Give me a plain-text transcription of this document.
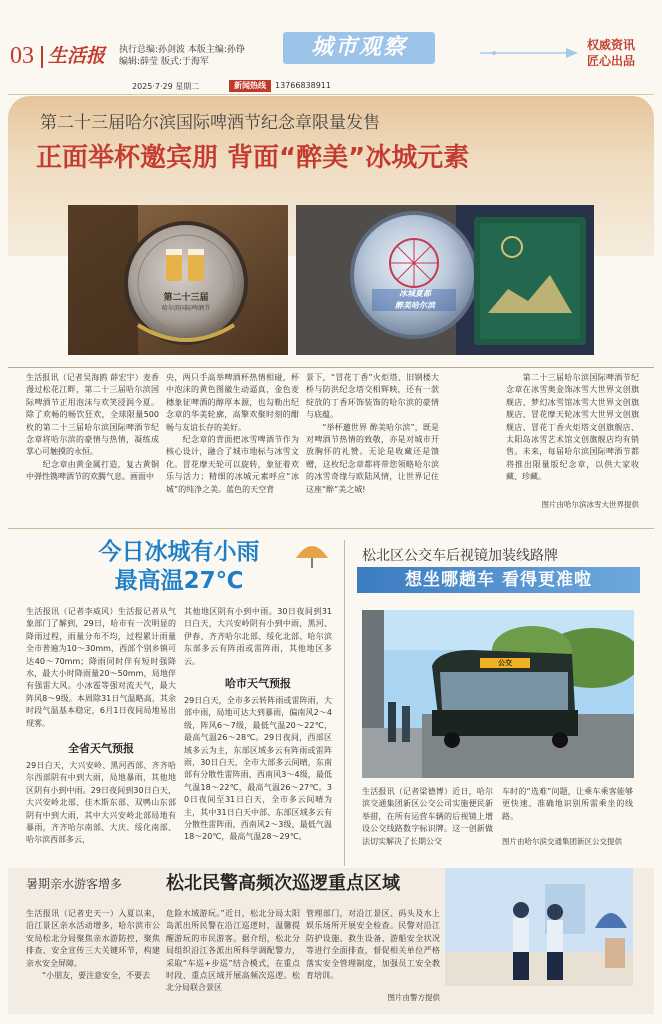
03 生活报 执行总编:孙剑波 本版主编:孙铮
编辑:薛莹 版式:于海军
城市观察	权威资讯
匠心出品
2025·7·29 星期二	新闻热线	13766838911
第二十三届哈尔滨国际啤酒节纪念章限量发售
正面举杯邀宾朋 背面“醉美”冰城元素
第二十三届
哈尔滨国际啤酒节
冰城夏都
醉美哈尔滨
生活报讯（记者吴海鸥 薛宏宇）麦香漫过松花江畔，第二十三届哈尔滨国际啤酒节正用泡沫与欢笑浸润今夏。除了欢畅的畅饮狂欢，全球限量500枚的第二十三届哈尔滨国际啤酒节纪念章将哈尔滨的豪情与热情，凝练成掌心可触摸的永恒。
　　纪念章由黄金属打造，复古黄铜中弹性镌啤酒节的欢腾气息。画面中
央，两只手高举啤酒杯热情相碰，杯中泡沫的黄色图徽生动逼真，金色麦穗象征啤酒的醇厚本源，也勾勒出纪念章的华美轮廓，高擎欢聚时刻的酣畅与友谊长存的美好。
　　纪念章的背面把冰雪啤酒节作为核心设计，融合了城市地标与冰雪文化。冒花摩天轮可以旋转，象征着欢乐与活力；精细的冰城元素呼应“冰城”的纯净之美。蓝色的天空背
景下，“冒花丁香”火炬塔、旧钢楼大桥与防洪纪念塔交相辉映，还有一款绽放的丁香环饰装饰的哈尔滨的豪情与底蕴。
　　“举杯邀世界 醉美哈尔滨”，既是对啤酒节热情的致敬，亦是对城市开放胸怀的礼赞。无论是收藏还是馈赠，这枚纪念章都将带您领略哈尔滨的冰雪奇缘与欧陆风情，让世界记住这座“醉”美之城!
　　第二十三届哈尔滨国际啤酒节纪念章在冰雪奥金饰冰雪大世界文创旗舰店、梦幻冰雪馆冰雪大世界文创旗舰店、冒花摩天轮冰雪大世界文创旗舰店、冒花丁香火炬塔文创旗舰店、太阳岛冰雪艺术馆文创旗舰店均有销售。未来，每届哈尔滨国际啤酒节都将推出限量版纪念章，以供大家收藏、珍藏。
图片由哈尔滨冰雪大世界提供
今日冰城有小雨
最高温27℃
生活报讯（记者李威风）生活报记者从气象部门了解到，29日，哈市有一次明显的降雨过程，雨量分布不均，过程累计雨量全市普遍为10～30mm，西部个别乡镇可达40～70mm；降雨同时伴有短时强降水，最大小时降雨量20～50mm，局地伴有强雷大风。小冰雹等强对流天气，最大阵风8～9级。本周除31日气温略高，其余时段气温基本稳定，6月1日夜间局地易出现雾。
全省天气预报
29日白天，大兴安岭、黑河西部、齐齐哈尔西部阴有中到大雨，局地暴雨，其他地区阴有小到中雨。29日夜间到30日白天，大兴安岭北部、佳木斯东部、双鸭山东部阴有中到大雨，其中大兴安岭北部局地有暴雨，齐齐哈尔南部、大庆、绥化南部、哈尔滨西部多云，
其他地区阴有小到中雨。30日夜间到31日白天，大兴安岭阴有小到中雨，黑河、伊春、齐齐哈尔北部、绥化北部、哈尔滨东部多云有阵雨或雷阵雨，其他地区多云。
哈市天气预报
29日白天，全市多云转阵雨或雷阵雨，大部中雨，局地可达大到暴雨，偏南风2～4级，阵风6～7级，最低气温20～22℃，最高气温26～28℃。29日夜间，西部区域多云为主，东部区域多云有阵雨或雷阵雨，30日白天，全市大部多云间晴，东南部有分散性雷阵雨，西南风3～4级，最低气温18～22℃，最高气温26～27℃。30日夜间至31日白天，全市多云间晴为主，其中31日白天中部、东部区域多云有分散性雷阵雨，西南风2～3级，最低气温18～20℃，最高气温28～29℃。
松北区公交车后视镜加装线路牌
想坐哪趟车 看得更准啦
公交
生活报讯（记者梁德博）近日，哈尔滨交通集团新区公交公司实施便民新举措，在所有运营车辆的后视镜上增设公交线路数字标识牌。这一创新做法切实解决了长期公交
车时的“选难”问题，让乘车乘客能够更快速、准确地识别所需乘坐的线路。
图片由哈尔滨交通集团新区公交提供
暑期亲水游客增多 松北民警高频次巡逻重点区域
生活报讯（记者史天一）入夏以来，沿江景区亲水活动增多，哈尔滨市公安局松北分局聚焦亲水游防控，聚焦排查、安全宣传三大关键环节，构建亲水安全屏障。
　　“小朋友，要注意安全，不要去
危险水域游玩。”近日，松北分局太阳岛派出所民警在沿江巡逻时，温馨提醒游玩的市民游客。据介绍，松北分局组织沿江各派出所科学调配警力，采取“车巡+步巡”结合模式，在重点时段、重点区域开展高频次巡逻。松北分局联合景区
管理部门，对沿江景区、码头及水上娱乐场所开展安全检查。民警对沿江防护设施、救生设备、游船安全状况等进行全面排查，督促相关单位严格落实安全管理制度，加强员工安全教育培训。
图片由警方提供
